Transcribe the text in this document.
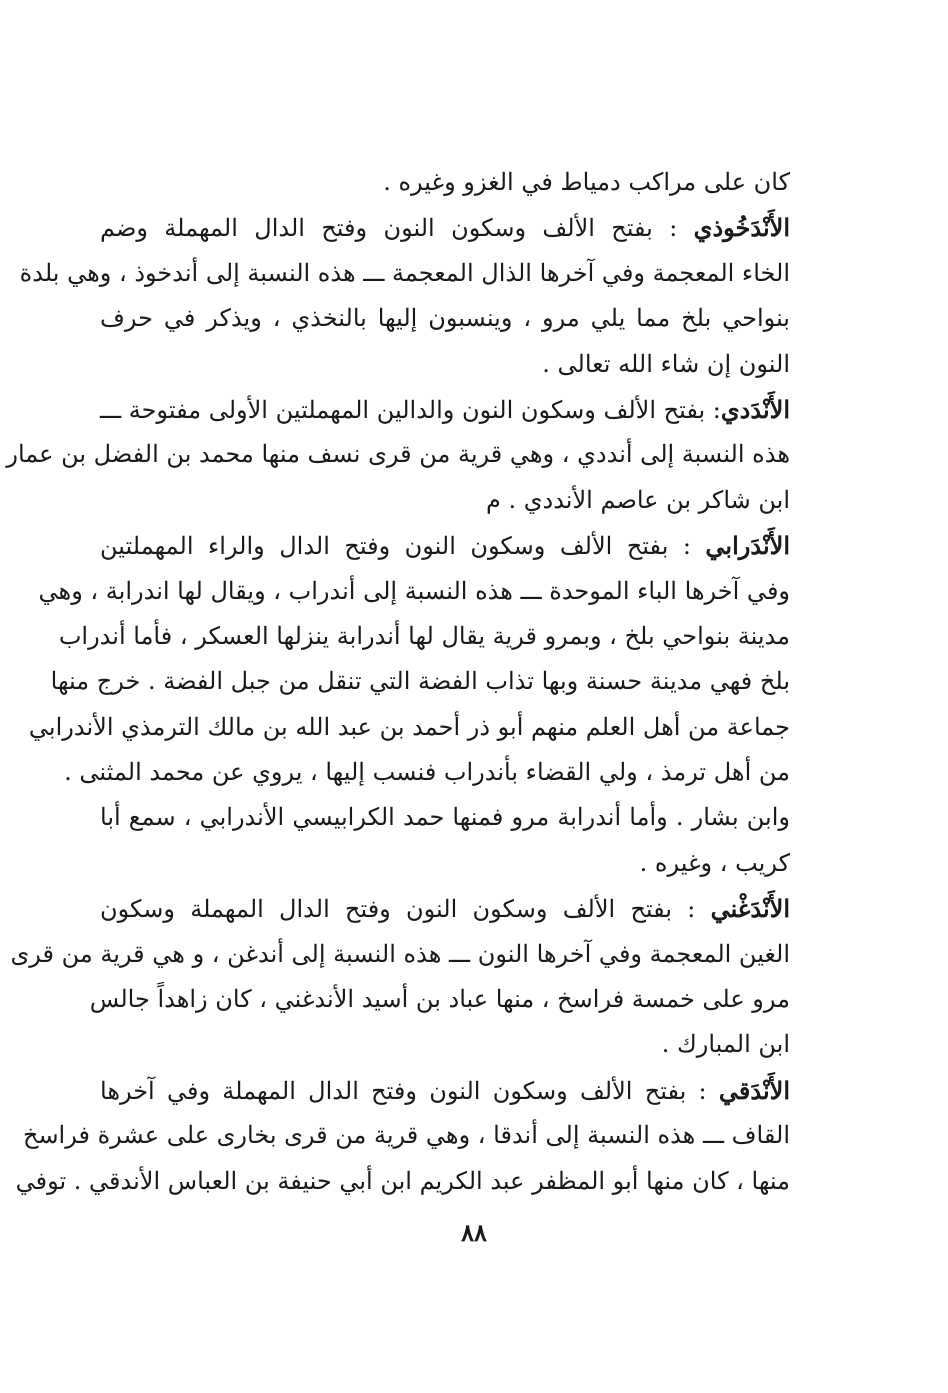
كان على مراكب دمياط في الغزو وغيره .
الأَنْدَخُوذي : بفتح الألف وسكون النون وفتح الدال المهملة وضم
الخاء المعجمة وفي آخرها الذال المعجمة ـــ هذه النسبة إلى أندخوذ ، وهي بلدة
بنواحي بلخ مما يلي مرو ، وينسبون إليها بالنخذي ، ويذكر في حرف
النون إن شاء الله تعالى .
الأَنْدَدي: بفتح الألف وسكون النون والدالين المهملتين الأولى مفتوحة ـــ
هذه النسبة إلى أنددي ، وهي قرية من قرى نسف منها محمد بن الفضل بن عمار
ابن شاكر بن عاصم الأنددي . م
الأَنْدَرابي : بفتح الألف وسكون النون وفتح الدال والراء المهملتين
وفي آخرها الباء الموحدة ـــ هذه النسبة إلى أندراب ، ويقال لها اندرابة ، وهي
مدينة بنواحي بلخ ، وبمرو قرية يقال لها أندرابة ينزلها العسكر ، فأما أندراب
بلخ فهي مدينة حسنة وبها تذاب الفضة التي تنقل من جبل الفضة . خرج منها
جماعة من أهل العلم منهم أبو ذر أحمد بن عبد الله بن مالك الترمذي الأندرابي
من أهل ترمذ ، ولي القضاء بأندراب فنسب إليها ، يروي عن محمد المثنى .
وابن بشار . وأما أندرابة مرو فمنها حمد الكرابيسي الأندرابي ، سمع أبا
كريب ، وغيره .
الأَنْدَغْني : بفتح الألف وسكون النون وفتح الدال المهملة وسكون
الغين المعجمة وفي آخرها النون ـــ هذه النسبة إلى أندغن ، و هي قرية من قرى
مرو على خمسة فراسخ ، منها عباد بن أسيد الأندغني ، كان زاهداً جالس
ابن المبارك .
الأَنْدَقي : بفتح الألف وسكون النون وفتح الدال المهملة وفي آخرها
القاف ـــ هذه النسبة إلى أندقا ، وهي قرية من قرى بخارى على عشرة فراسخ
منها ، كان منها أبو المظفر عبد الكريم ابن أبي حنيفة بن العباس الأندقي . توفي
٨٨
